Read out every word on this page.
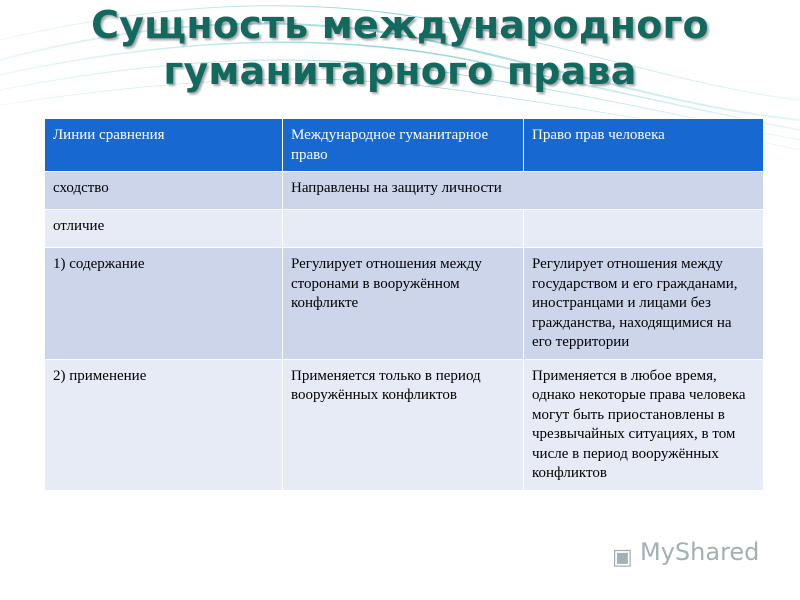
Сущность международного
гуманитарного права
Линии сравнения	Международное гуманитарное право	Право прав человека
сходство	Направлены на защиту личности	
отличие		
1) содержание	Регулирует отношения между сторонами в вооружённом конфликте	Регулирует отношения между государством и его гражданами, иностранцами и лицами без гражданства, находящимися на его территории
2) применение	Применяется только в период вооружённых конфликтов	Применяется в любое время, однако некоторые права человека могут быть приостановлены в чрезвычайных ситуациях, в том числе в период вооружённых конфликтов
▣ MyShared
